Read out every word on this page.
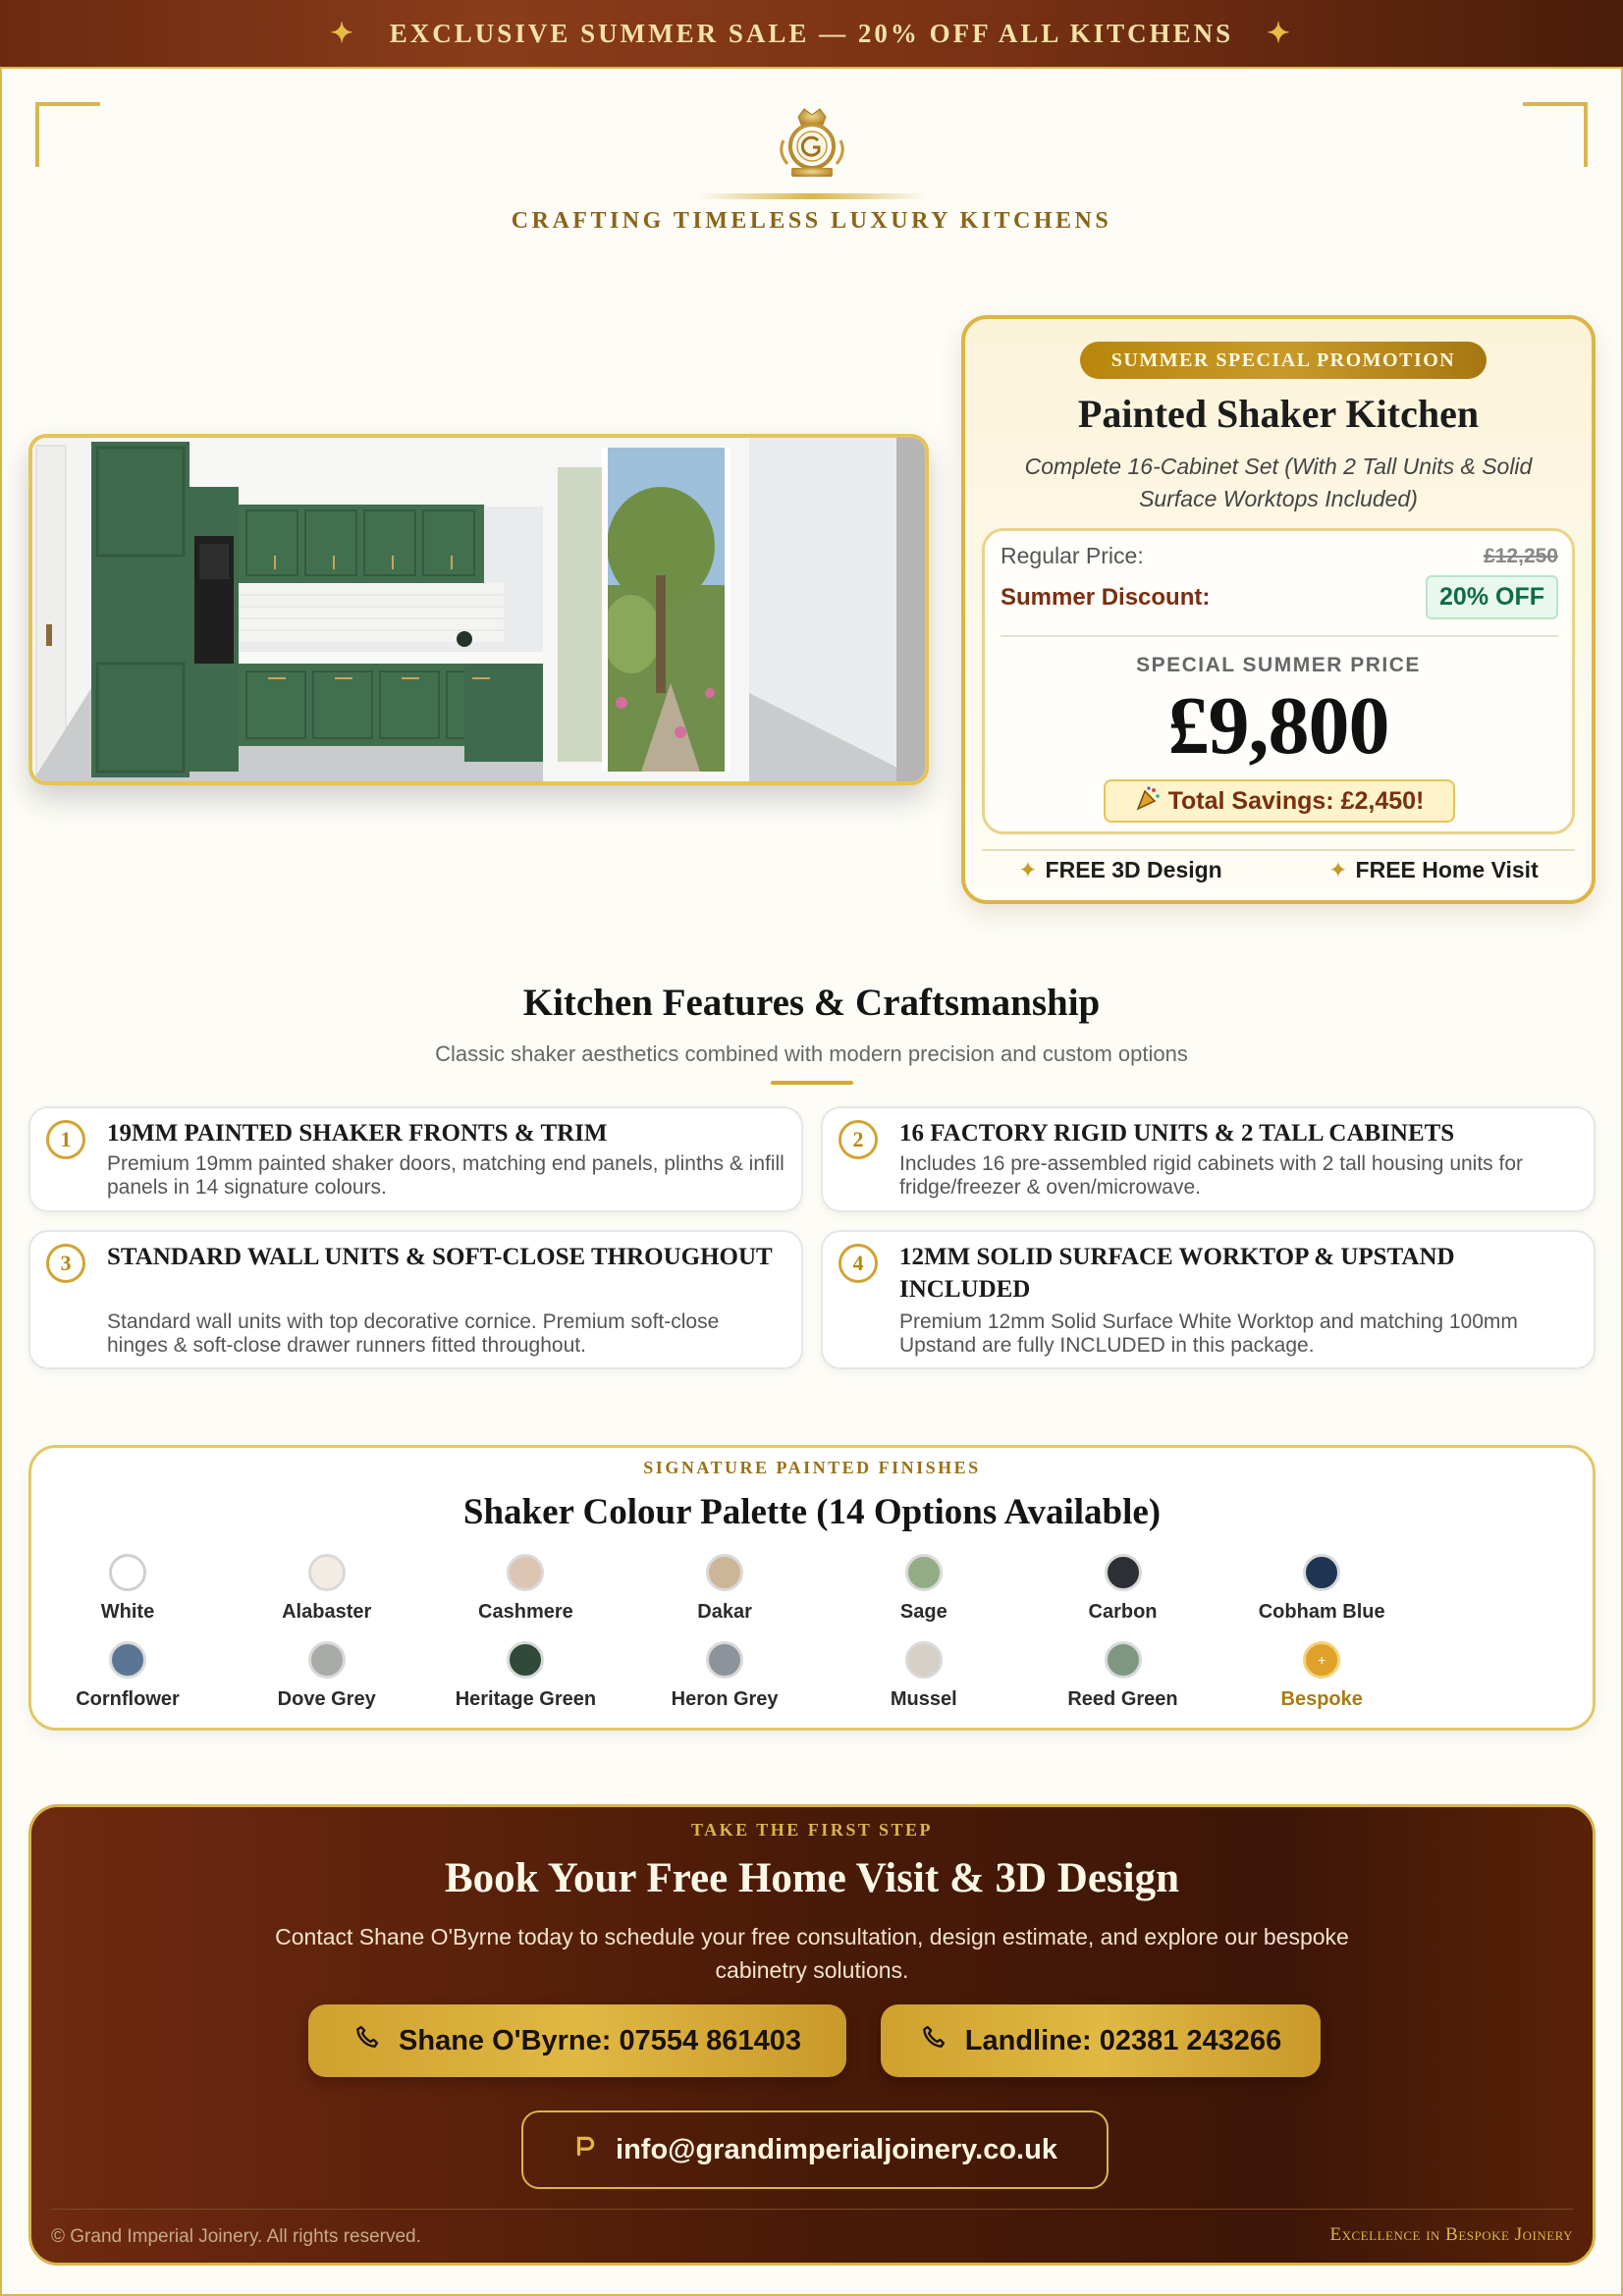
✦ EXCLUSIVE SUMMER SALE — 20% OFF ALL KITCHENS ✦
CRAFTING TIMELESS LUXURY KITCHENS
SUMMER SPECIAL PROMOTION
Painted Shaker Kitchen
Complete 16-Cabinet Set (With 2 Tall Units & Solid Surface Worktops Included)
Regular Price:	£12,250
Summer Discount:	20% OFF
SPECIAL SUMMER PRICE
£9,800
Total Savings: £2,450!
✦ FREE 3D Design	✦ FREE Home Visit
Kitchen Features & Craftsmanship
Classic shaker aesthetics combined with modern precision and custom options
1	19MM PAINTED SHAKER FRONTS & TRIM
Premium 19mm painted shaker doors, matching end panels, plinths & infill panels in 14 signature colours.
2	16 FACTORY RIGID UNITS & 2 TALL CABINETS
Includes 16 pre-assembled rigid cabinets with 2 tall housing units for fridge/freezer & oven/microwave.
3	STANDARD WALL UNITS & SOFT-CLOSE THROUGHOUT
Standard wall units with top decorative cornice. Premium soft-close hinges & soft-close drawer runners fitted throughout.
4	12MM SOLID SURFACE WORKTOP & UPSTAND INCLUDED
Premium 12mm Solid Surface White Worktop and matching 100mm Upstand are fully INCLUDED in this package.
SIGNATURE PAINTED FINISHES
Shaker Colour Palette (14 Options Available)
White	Alabaster	Cashmere	Dakar	Sage	Carbon	Cobham Blue
Cornflower	Dove Grey	Heritage Green	Heron Grey	Mussel	Reed Green
+
Bespoke
TAKE THE FIRST STEP
Book Your Free Home Visit & 3D Design
Contact Shane O'Byrne today to schedule your free consultation, design estimate, and explore our bespoke cabinetry solutions.
Shane O'Byrne: 07554 861403	Landline: 02381 243266
info@grandimperialjoinery.co.uk
© Grand Imperial Joinery. All rights reserved.	Excellence in Bespoke Joinery
